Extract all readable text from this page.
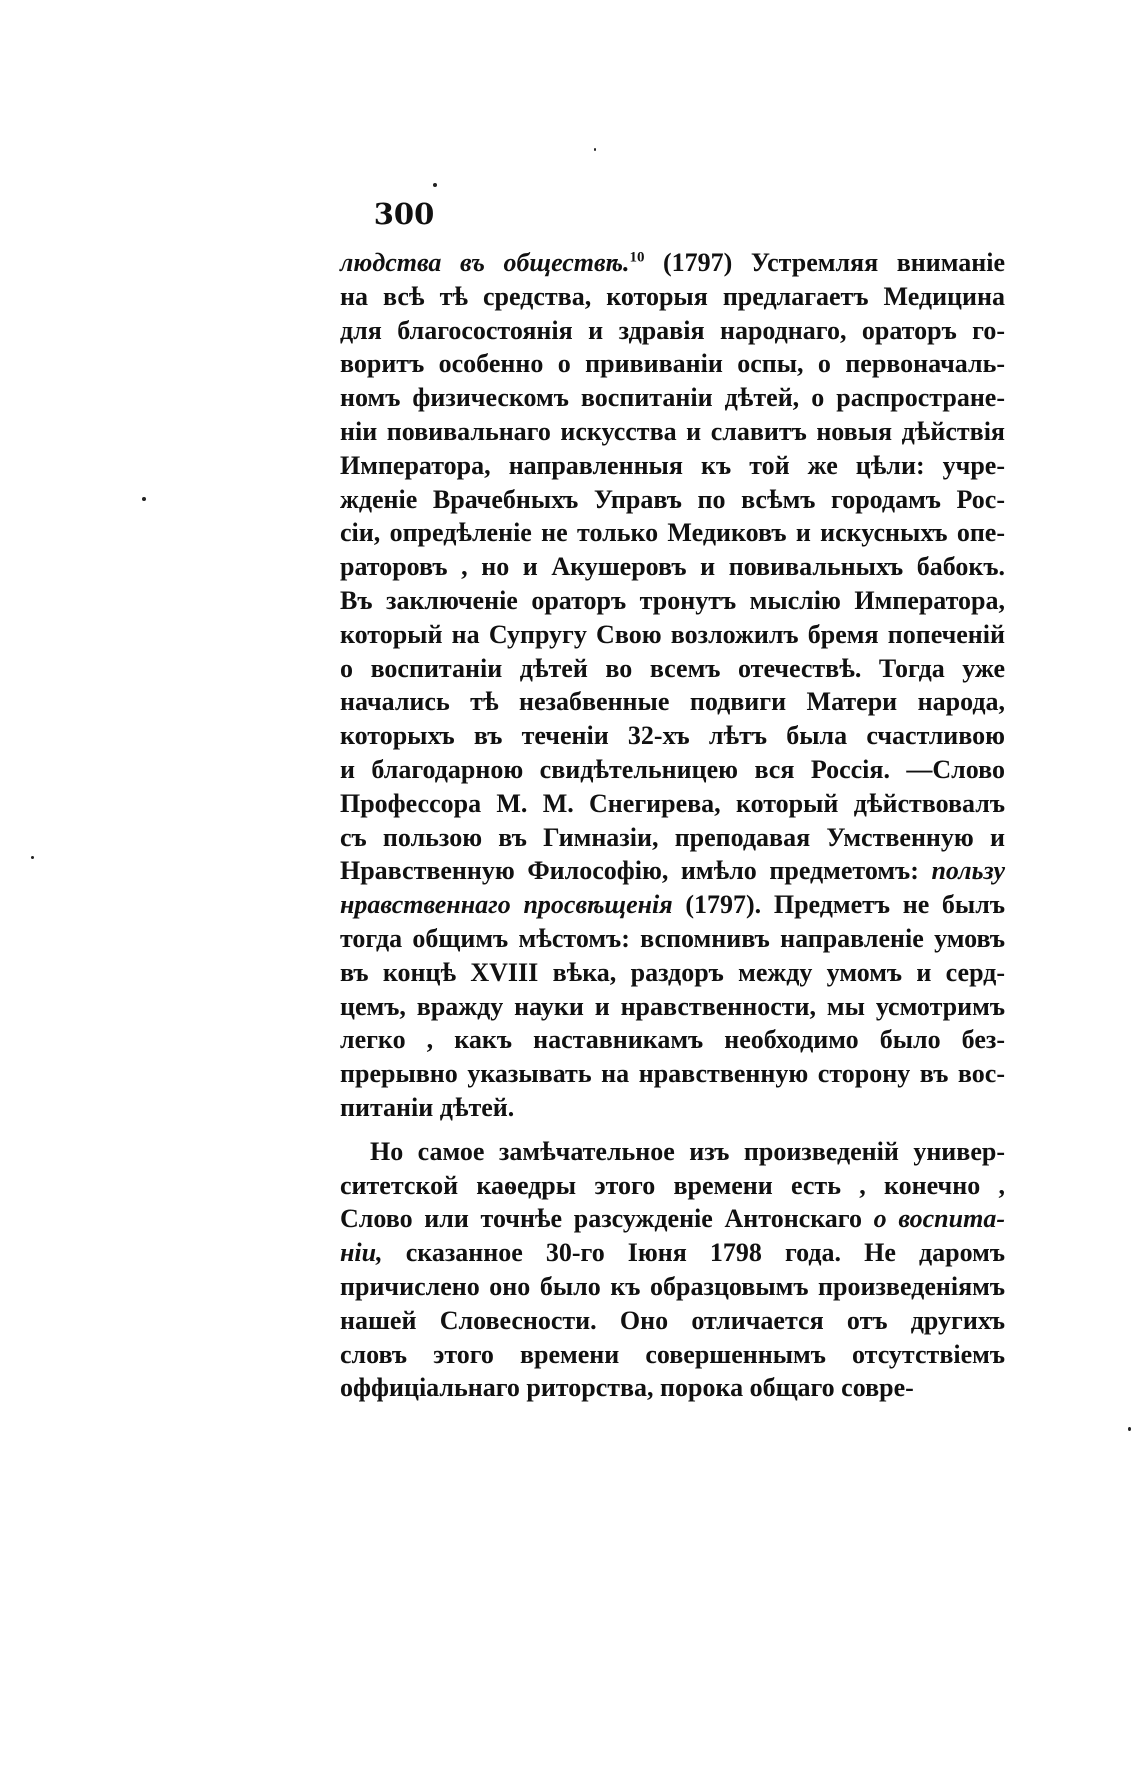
300
людства въ обществѣ.$^{10}$ (1797) Устремляя вниманіе
на всѣ тѣ средства, которыя предлагаетъ Медицина
для благосостоянія и здравія народнаго, ораторъ го-
воритъ особенно о прививаніи оспы, о первоначаль-
номъ физическомъ воспитаніи дѣтей, о распростране-
ніи повивальнаго искусства и славитъ новыя дѣйствія
Императора, направленныя къ той же цѣли: учре-
жденіе Врачебныхъ Управъ по всѣмъ городамъ Рос-
сіи, опредѣленіе не только Медиковъ и искусныхъ опе-
раторовъ , но и Акушеровъ и повивальныхъ бабокъ.
Въ заключеніе ораторъ тронутъ мыслію Императора,
который на Супругу Свою возложилъ бремя попеченій
о воспитаніи дѣтей во всемъ отечествѣ. Тогда уже
начались тѣ незабвенные подвиги Матери народа,
которыхъ въ теченіи 32-хъ лѣтъ была счастливою
и благодарною свидѣтельницею вся Россія. —Слово
Профессора М. М. Снегирева, который дѣйствовалъ
съ пользою въ Гимназіи, преподавая Умственную и
Нравственную Философію, имѣло предметомъ: пользу
нравственнаго просвѣщенія (1797). Предметъ не былъ
тогда общимъ мѣстомъ: вспомнивъ направленіе умовъ
въ концѣ XVIII вѣка, раздоръ между умомъ и серд-
цемъ, вражду науки и нравственности, мы усмотримъ
легко , какъ наставникамъ необходимо было без-
прерывно указывать на нравственную сторону въ вос-
питаніи дѣтей.
Но самое замѣчательное изъ произведеній универ-
ситетской каѳедры этого времени есть , конечно ,
Слово или точнѣе разсужденіе Антонскаго о воспита-
ніи, сказанное 30-го Іюня 1798 года. Не даромъ
причислено оно было къ образцовымъ произведеніямъ
нашей Словесности. Оно отличается отъ другихъ
словъ этого времени совершеннымъ отсутствіемъ
оффиціальнаго риторства, порока общаго совре-
